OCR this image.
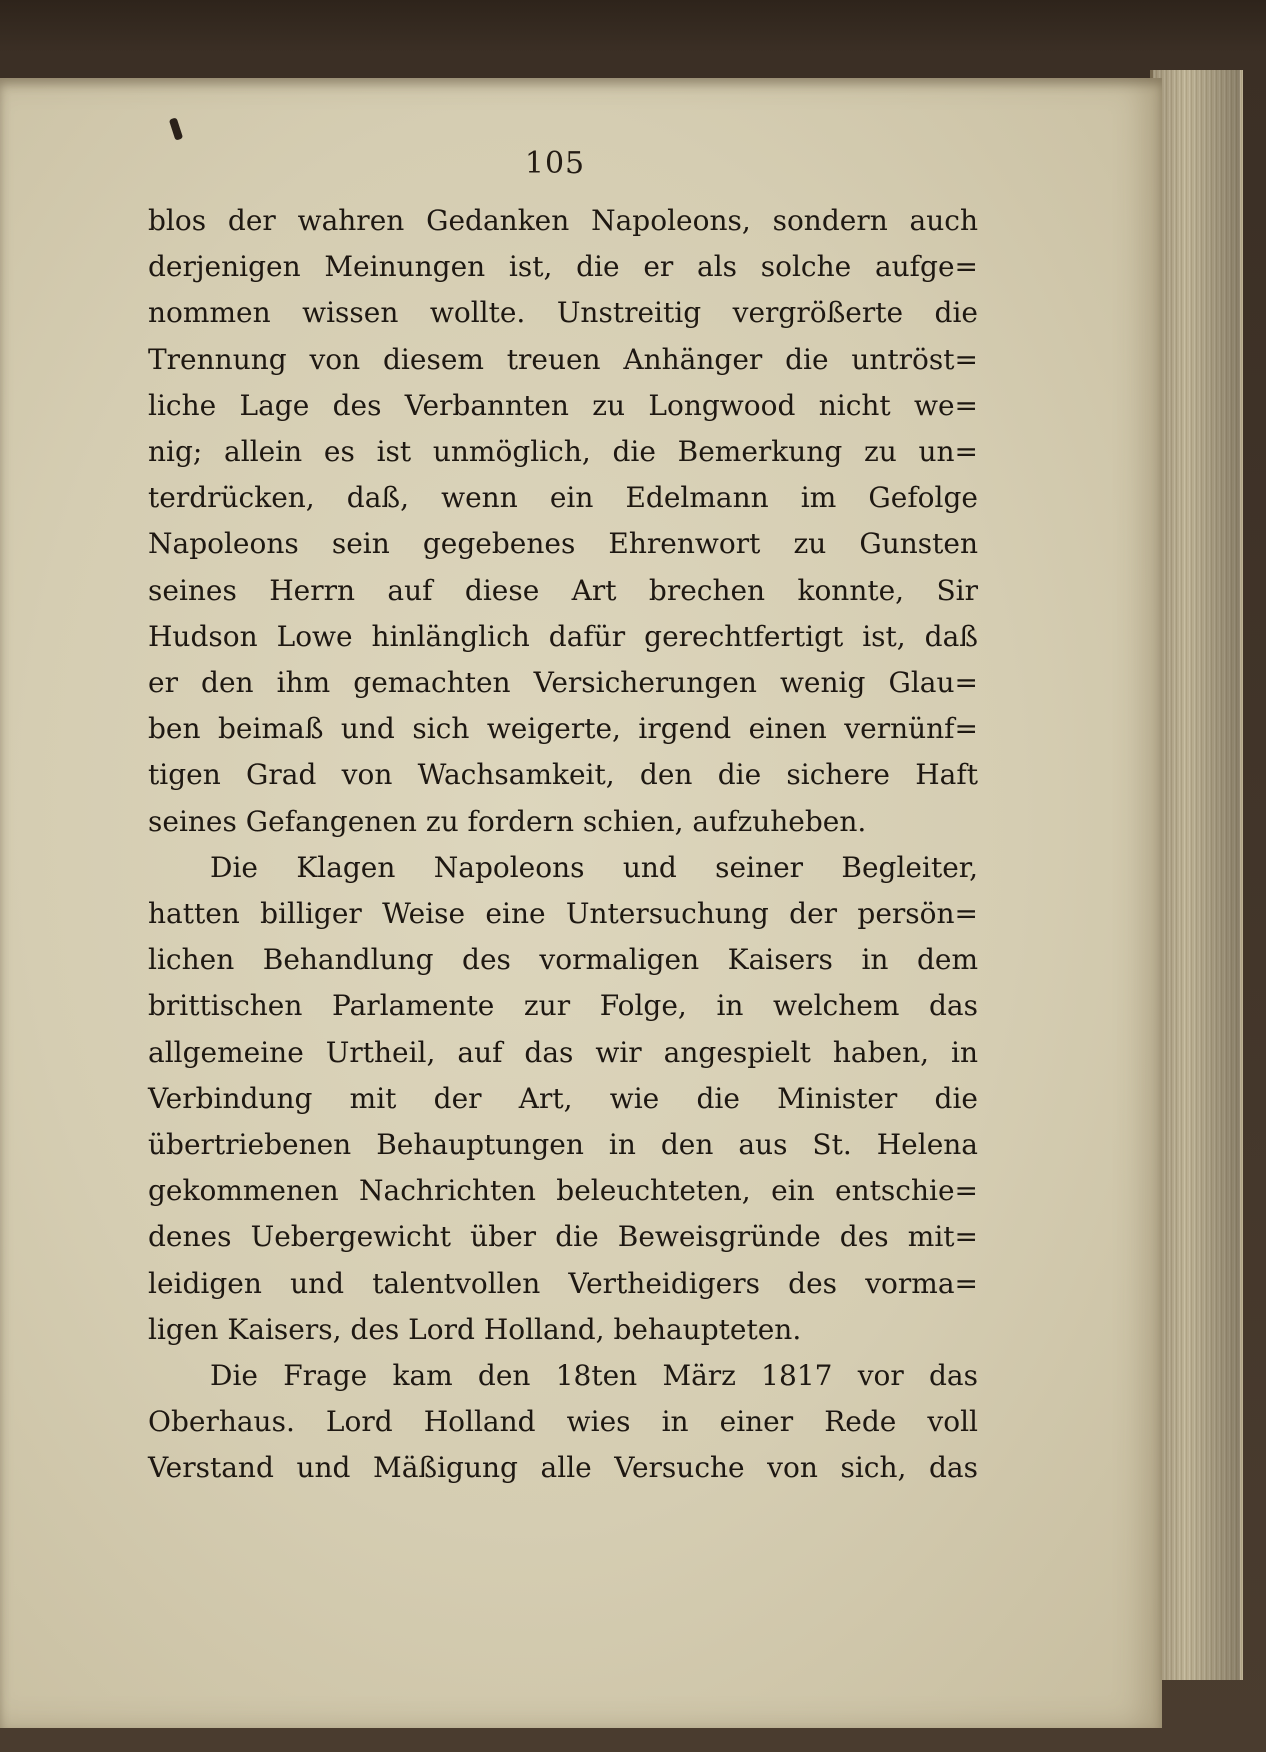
105
blos der wahren Gedanken Napoleons, sondern auch
derjenigen Meinungen ist, die er als solche aufge=
nommen wissen wollte. Unstreitig vergrößerte die
Trennung von diesem treuen Anhänger die untröst=
liche Lage des Verbannten zu Longwood nicht we=
nig; allein es ist unmöglich, die Bemerkung zu un=
terdrücken, daß, wenn ein Edelmann im Gefolge
Napoleons sein gegebenes Ehrenwort zu Gunsten
seines Herrn auf diese Art brechen konnte, Sir
Hudson Lowe hinlänglich dafür gerechtfertigt ist, daß
er den ihm gemachten Versicherungen wenig Glau=
ben beimaß und sich weigerte, irgend einen vernünf=
tigen Grad von Wachsamkeit, den die sichere Haft
seines Gefangenen zu fordern schien, aufzuheben.
Die Klagen Napoleons und seiner Begleiter,
hatten billiger Weise eine Untersuchung der persön=
lichen Behandlung des vormaligen Kaisers in dem
brittischen Parlamente zur Folge, in welchem das
allgemeine Urtheil, auf das wir angespielt haben, in
Verbindung mit der Art, wie die Minister die
übertriebenen Behauptungen in den aus St. Helena
gekommenen Nachrichten beleuchteten, ein entschie=
denes Uebergewicht über die Beweisgründe des mit=
leidigen und talentvollen Vertheidigers des vorma=
ligen Kaisers, des Lord Holland, behaupteten.
Die Frage kam den 18ten März 1817 vor das
Oberhaus. Lord Holland wies in einer Rede voll
Verstand und Mäßigung alle Versuche von sich, das
